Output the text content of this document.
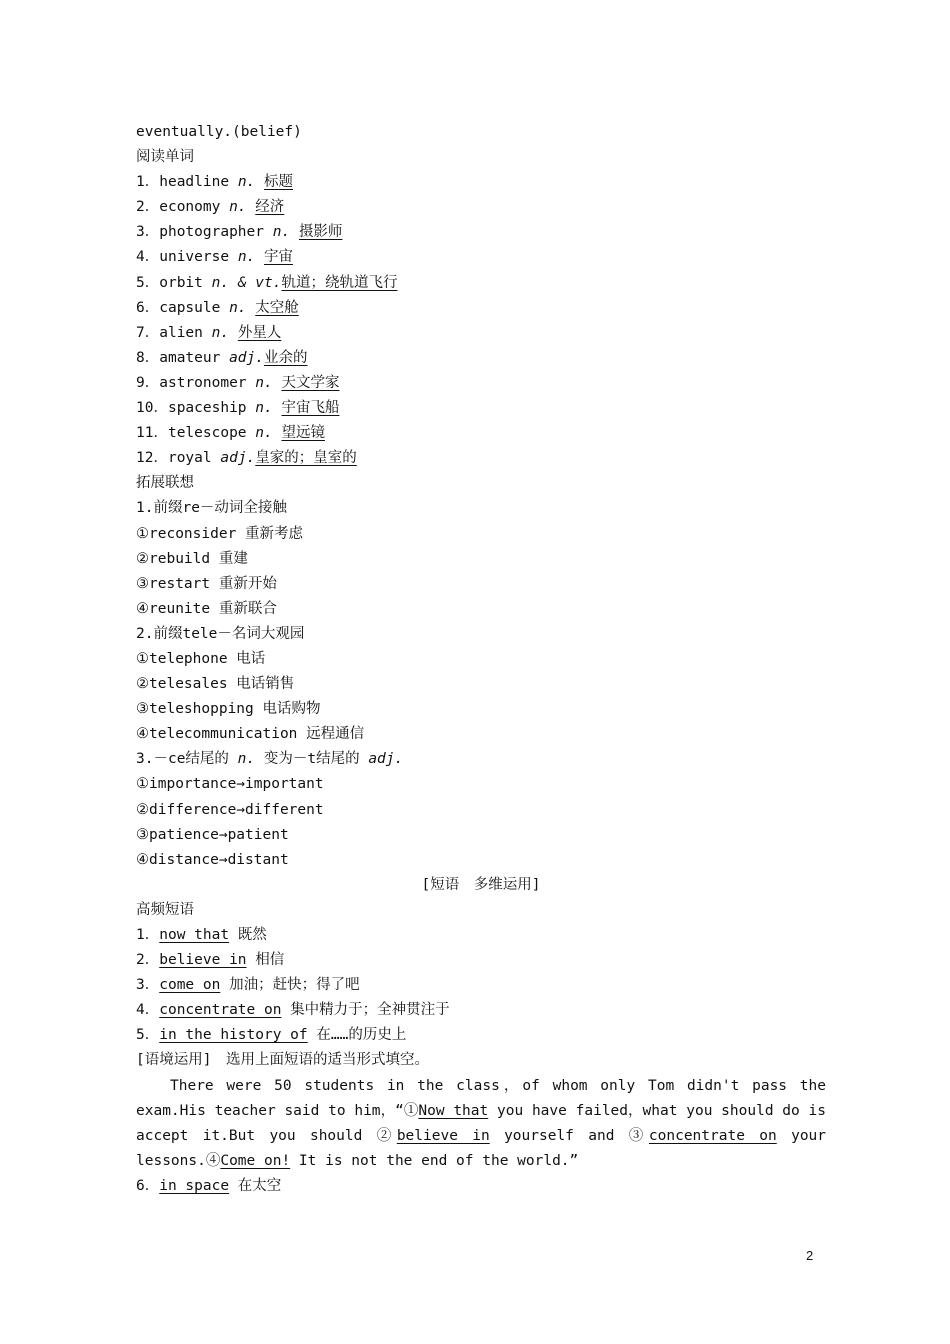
eventually.(belief)
阅读单词
1．headline n. 标题
2．economy n. 经济
3．photographer n. 摄影师
4．universe n. 宇宙
5．orbit n. & vt.轨道；绕轨道飞行
6．capsule n. 太空舱
7．alien n. 外星人
8．amateur adj.业余的
9．astronomer n. 天文学家
10．spaceship n. 宇宙飞船
11．telescope n. 望远镜
12．royal adj.皇家的；皇室的
拓展联想
1.前缀re－动词全接触
①reconsider 重新考虑
②rebuild 重建
③restart 重新开始
④reunite 重新联合
2.前缀tele－名词大观园
①telephone 电话
②telesales 电话销售
③teleshopping 电话购物
④telecommunication 远程通信
3.－ce结尾的 n. 变为－t结尾的 adj.
①importance→important
②difference→different
③patience→patient
④distance→distant
[短语　多维运用]
高频短语
1．now that 既然
2．believe in 相信
3．come on 加油；赶快；得了吧
4．concentrate on 集中精力于；全神贯注于
5．in the history of 在……的历史上
[语境运用]　选用上面短语的适当形式填空。
There were 50 students in the class，of whom only Tom didn't pass the exam.His teacher said to him，“①Now that you have failed，what you should do is accept it.But you should ②believe in yourself and ③concentrate on your lessons.④Come on! It is not the end of the world.”
6．in space 在太空
2
